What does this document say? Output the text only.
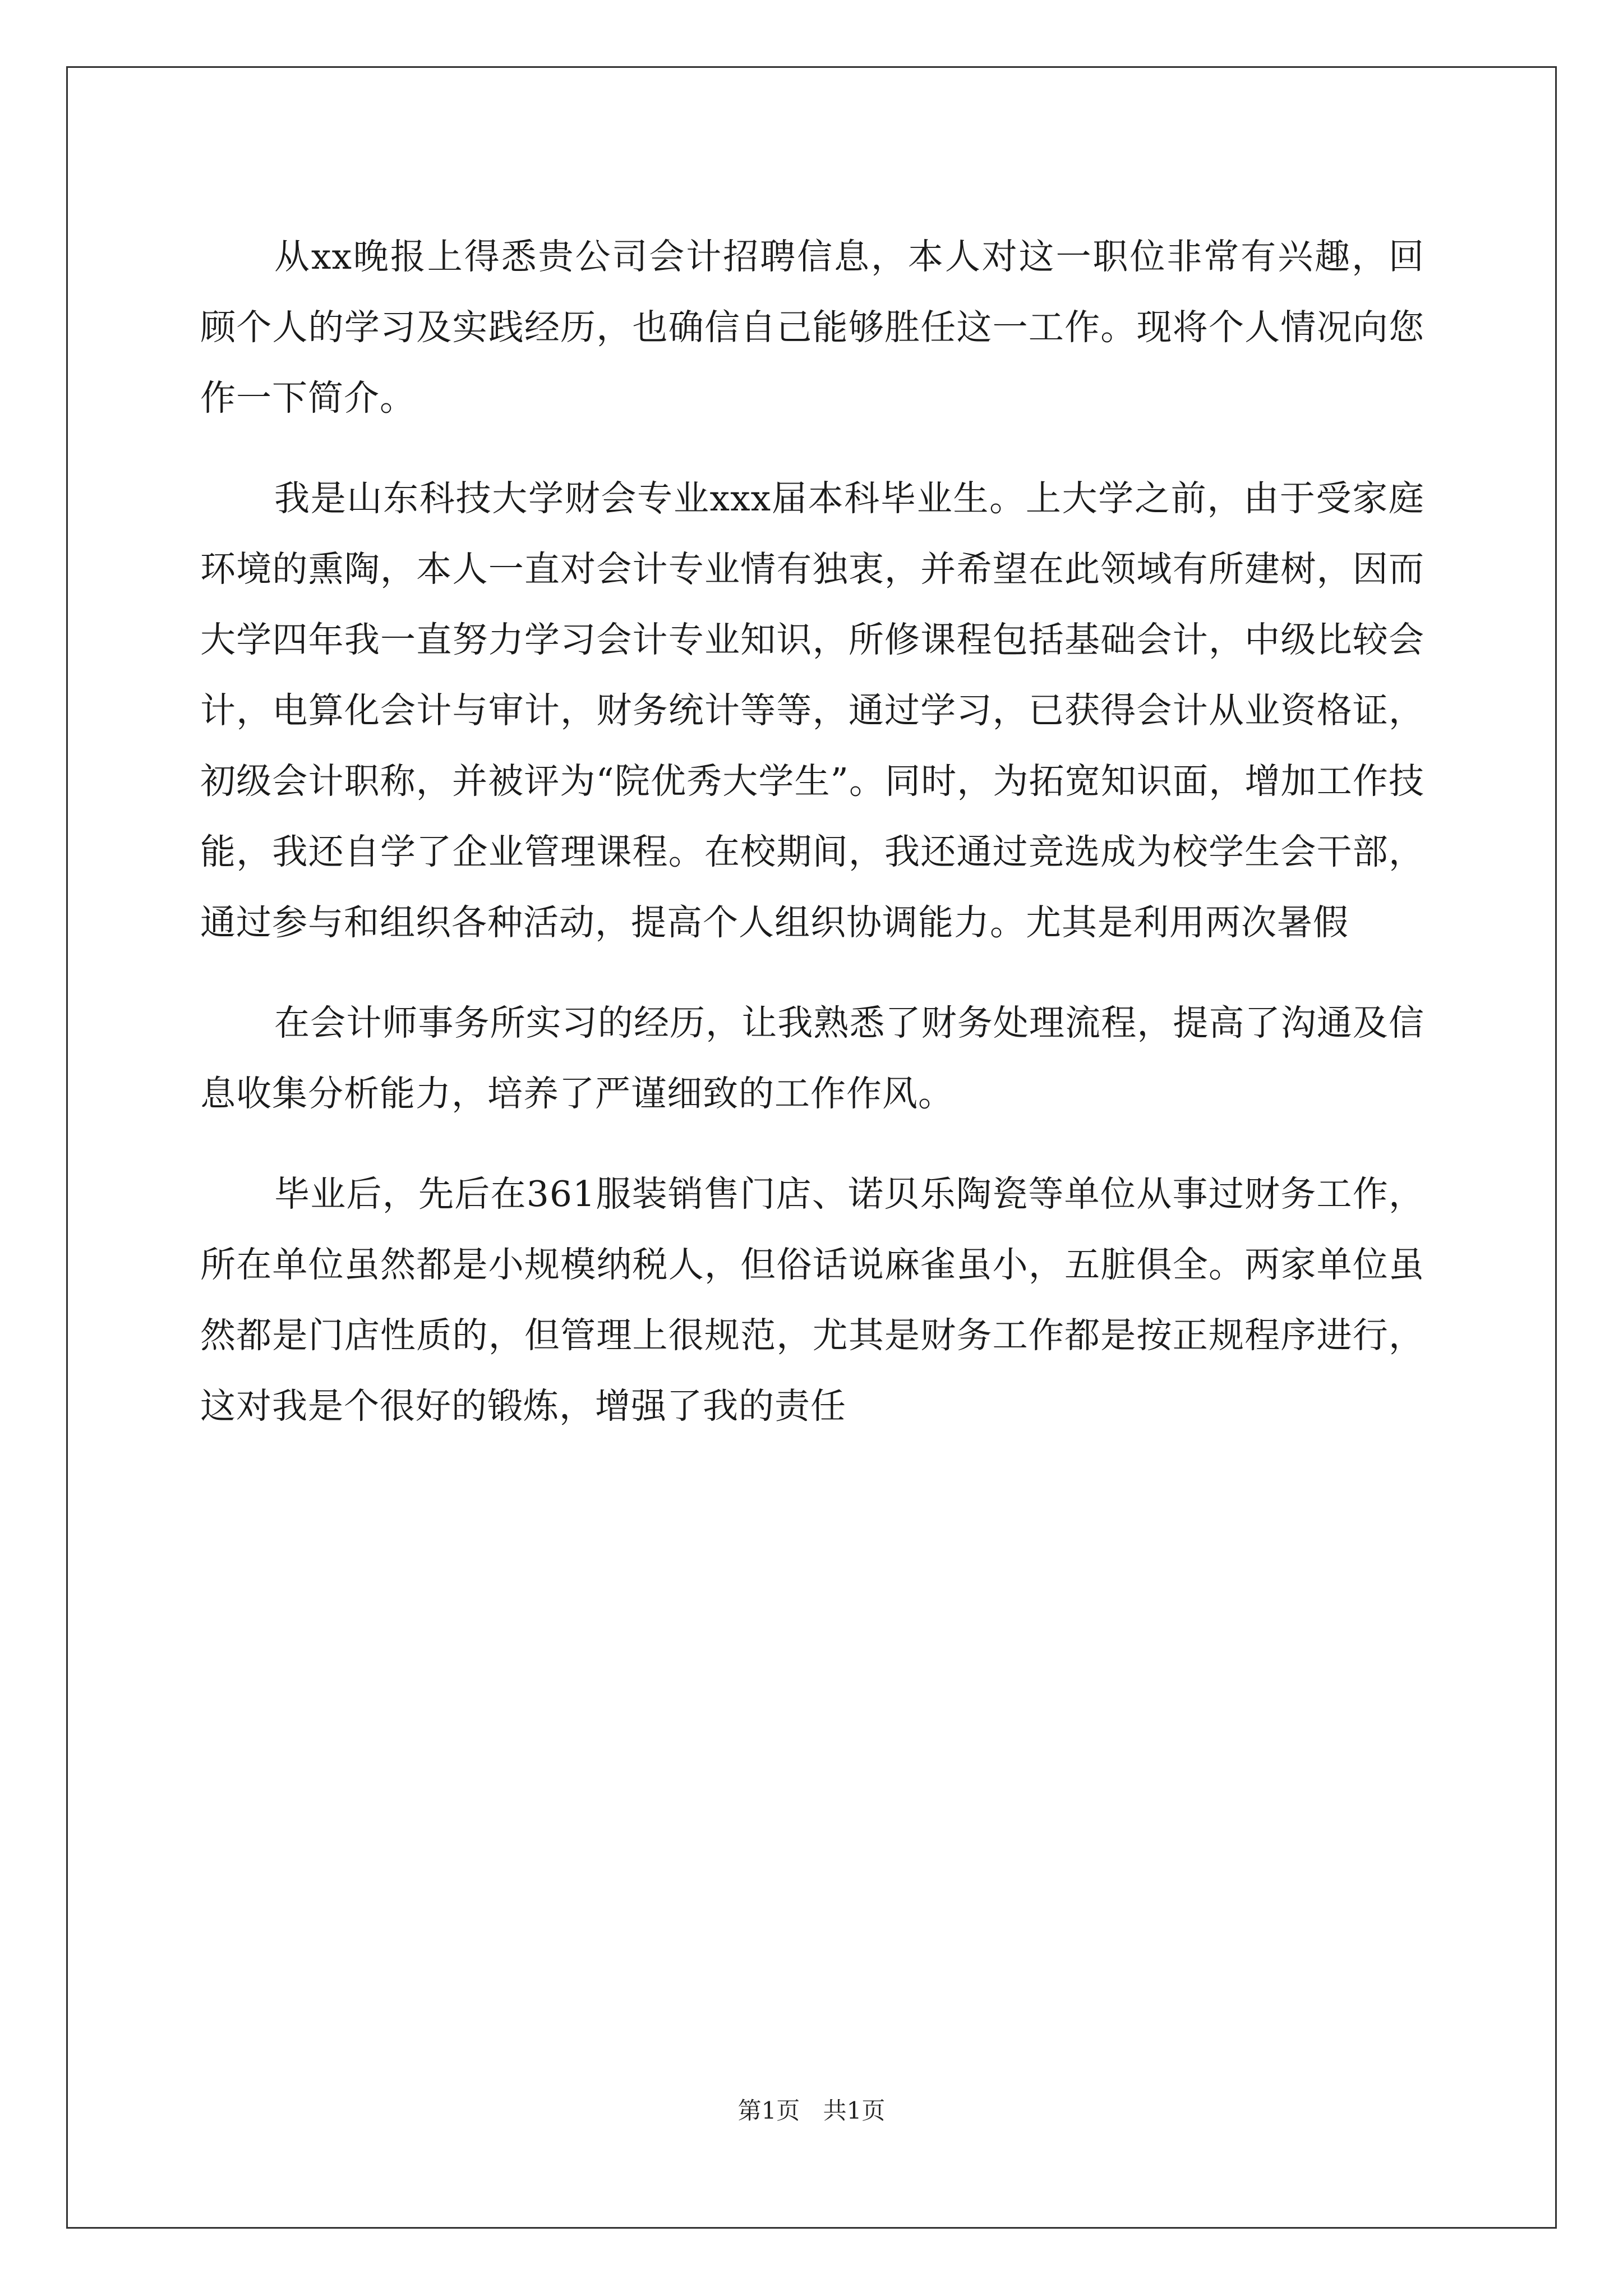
从xx晚报上得悉贵公司会计招聘信息，本人对这一职位非常有兴趣，回顾个人的学习及实践经历，也确信自己能够胜任这一工作。现将个人情况向您作一下简介。

我是山东科技大学财会专业xxx届本科毕业生。上大学之前，由于受家庭环境的熏陶，本人一直对会计专业情有独衷，并希望在此领域有所建树，因而大学四年我一直努力学习会计专业知识，所修课程包括基础会计，中级比较会计，电算化会计与审计，财务统计等等，通过学习，已获得会计从业资格证，初级会计职称，并被评为“院优秀大学生”。同时，为拓宽知识面，增加工作技能，我还自学了企业管理课程。在校期间，我还通过竞选成为校学生会干部，通过参与和组织各种活动，提高个人组织协调能力。尤其是利用两次暑假

在会计师事务所实习的经历，让我熟悉了财务处理流程，提高了沟通及信息收集分析能力，培养了严谨细致的工作作风。

毕业后，先后在361服装销售门店、诺贝乐陶瓷等单位从事过财务工作，所在单位虽然都是小规模纳税人，但俗话说麻雀虽小，五脏俱全。两家单位虽然都是门店性质的，但管理上很规范，尤其是财务工作都是按正规程序进行，这对我是个很好的锻炼，增强了我的责任

第1页 共1页
